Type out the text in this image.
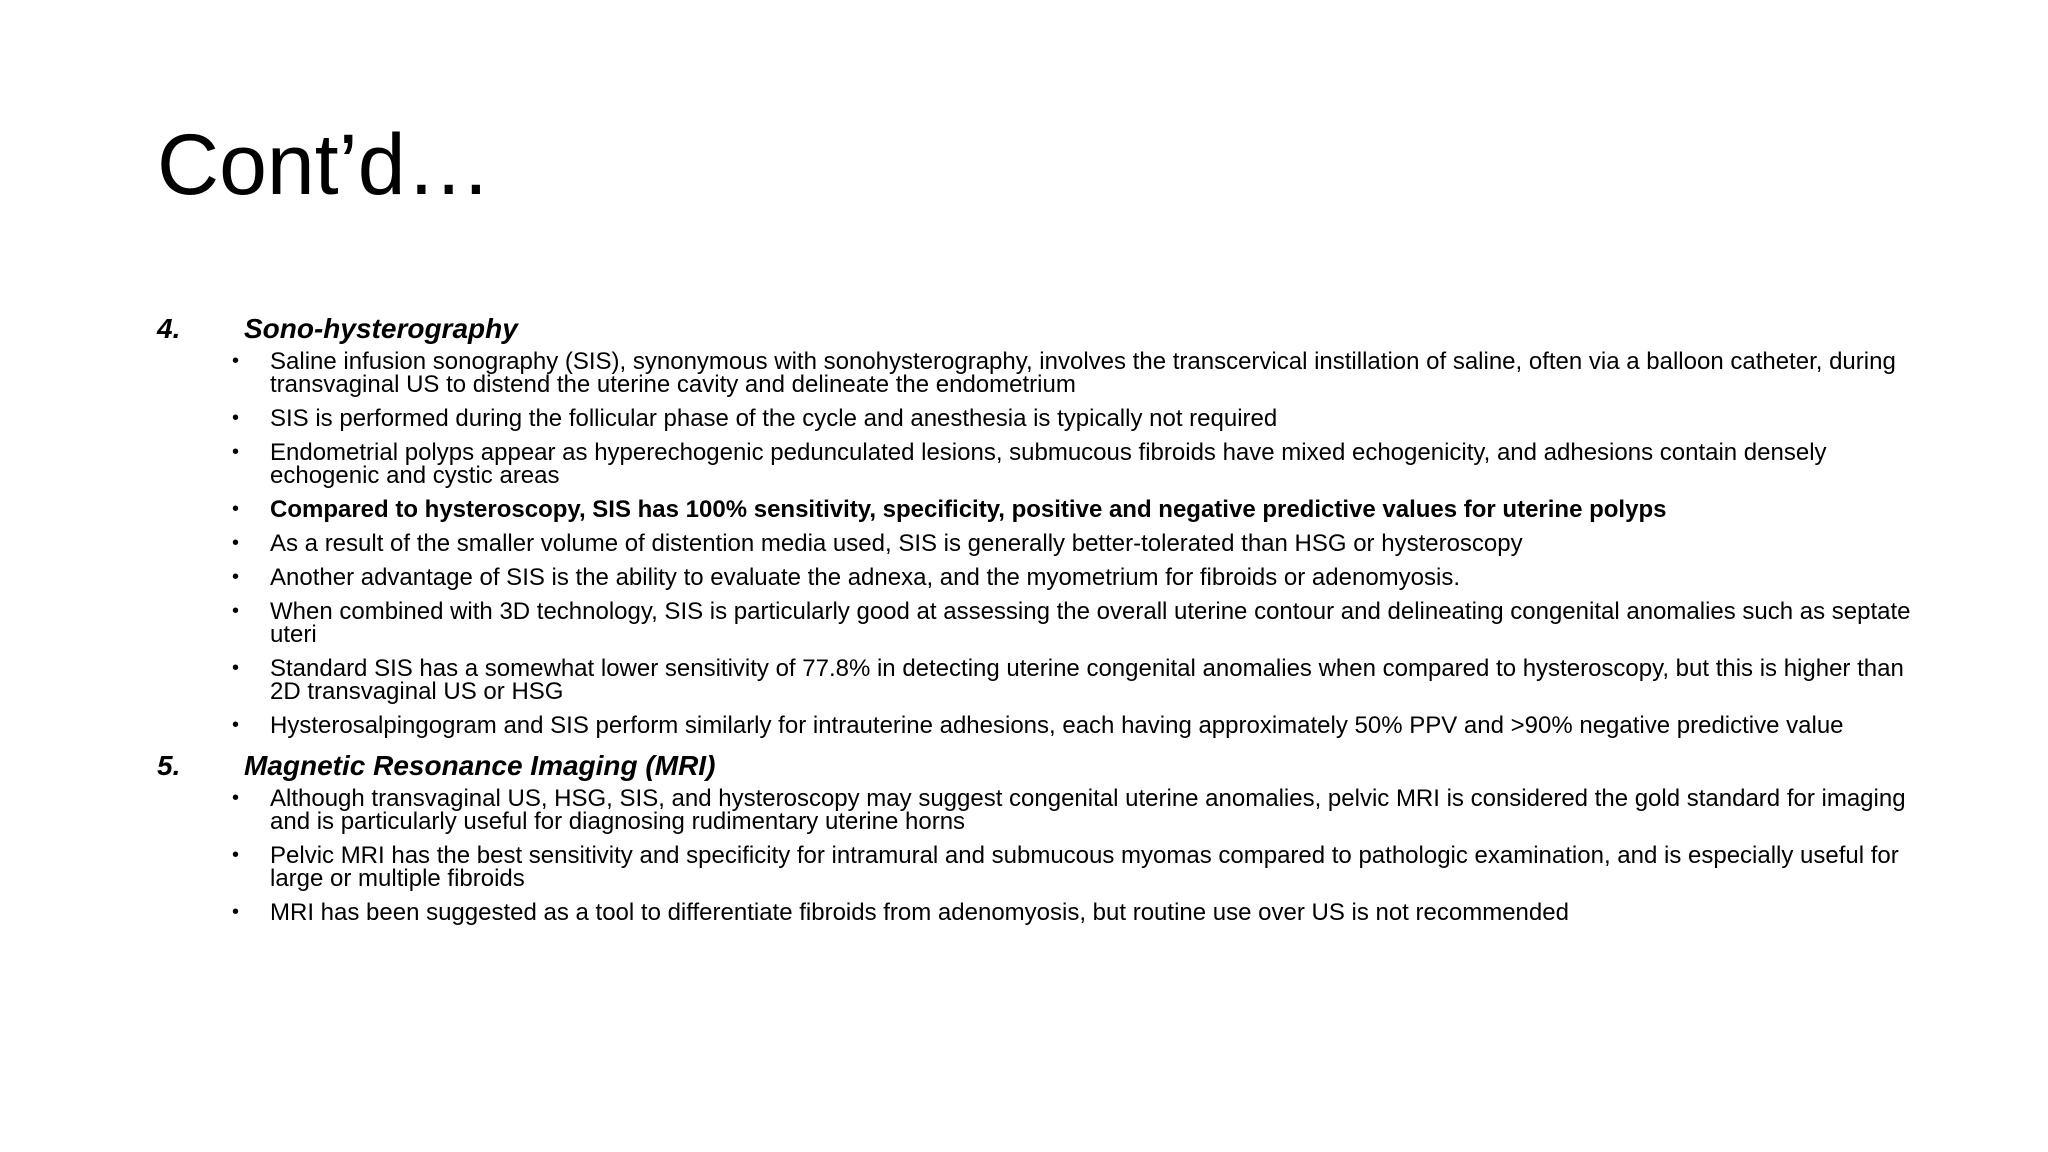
Cont’d…
4.	Sono-hysterography
•	Saline infusion sonography (SIS), synonymous with sonohysterography, involves the transcervical instillation of saline, often via a balloon catheter, during transvaginal US to distend the uterine cavity and delineate the endometrium
•	SIS is performed during the follicular phase of the cycle and anesthesia is typically not required
•	Endometrial polyps appear as hyperechogenic pedunculated lesions, submucous fibroids have mixed echogenicity, and adhesions contain densely echogenic and cystic areas
•	Compared to hysteroscopy, SIS has 100% sensitivity, specificity, positive and negative predictive values for uterine polyps
•	As a result of the smaller volume of distention media used, SIS is generally better-tolerated than HSG or hysteroscopy
•	Another advantage of SIS is the ability to evaluate the adnexa, and the myometrium for fibroids or adenomyosis.
•	When combined with 3D technology, SIS is particularly good at assessing the overall uterine contour and delineating congenital anomalies such as septate uteri
•	Standard SIS has a somewhat lower sensitivity of 77.8% in detecting uterine congenital anomalies when compared to hysteroscopy, but this is higher than 2D transvaginal US or HSG
•	Hysterosalpingogram and SIS perform similarly for intrauterine adhesions, each having approximately 50% PPV and >90% negative predictive value
5.	Magnetic Resonance Imaging (MRI)
•	Although transvaginal US, HSG, SIS, and hysteroscopy may suggest congenital uterine anomalies, pelvic MRI is considered the gold standard for imaging and is particularly useful for diagnosing rudimentary uterine horns
•	Pelvic MRI has the best sensitivity and specificity for intramural and submucous myomas compared to pathologic examination, and is especially useful for large or multiple fibroids
•	MRI has been suggested as a tool to differentiate fibroids from adenomyosis, but routine use over US is not recommended
